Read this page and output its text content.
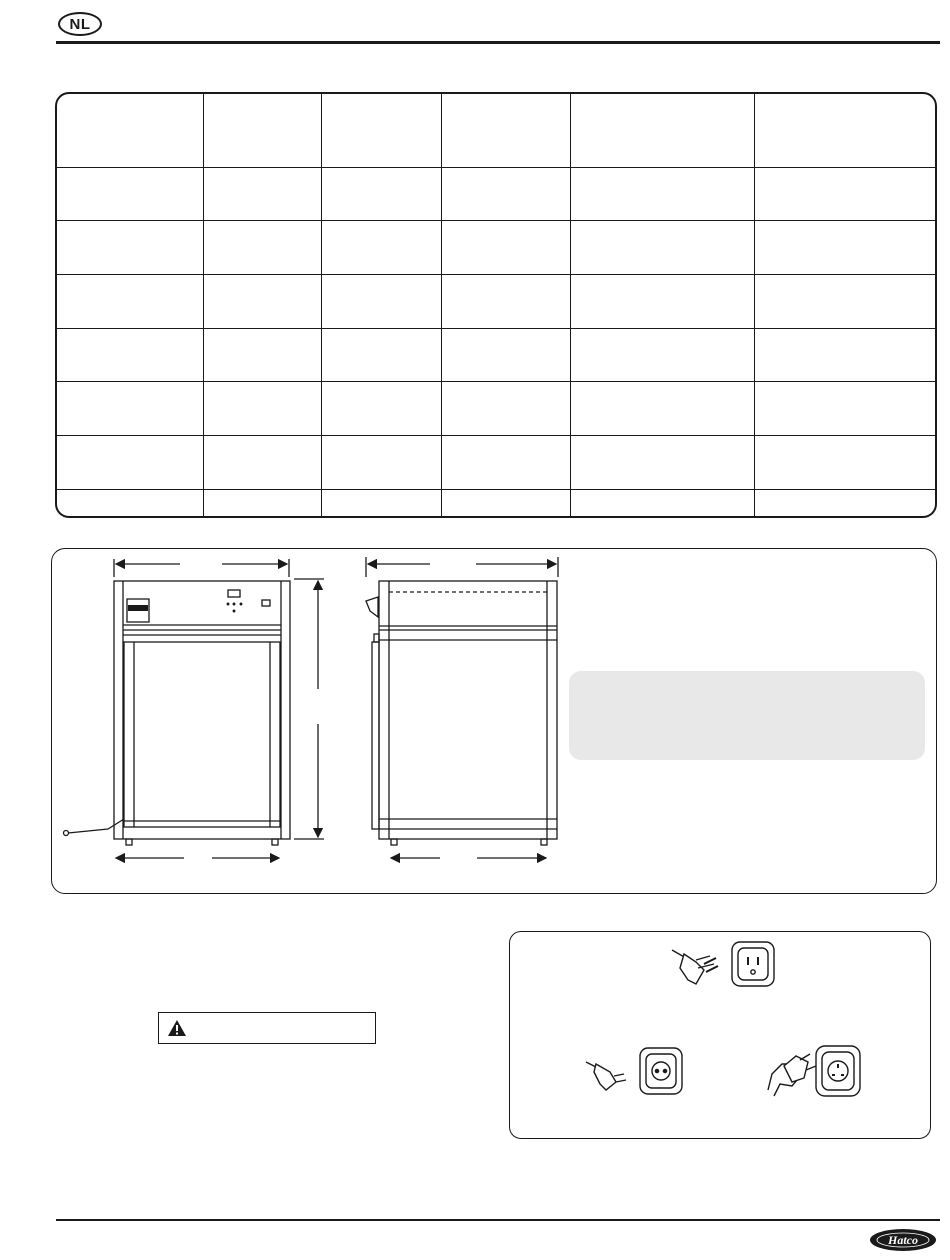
NL

Hatco
